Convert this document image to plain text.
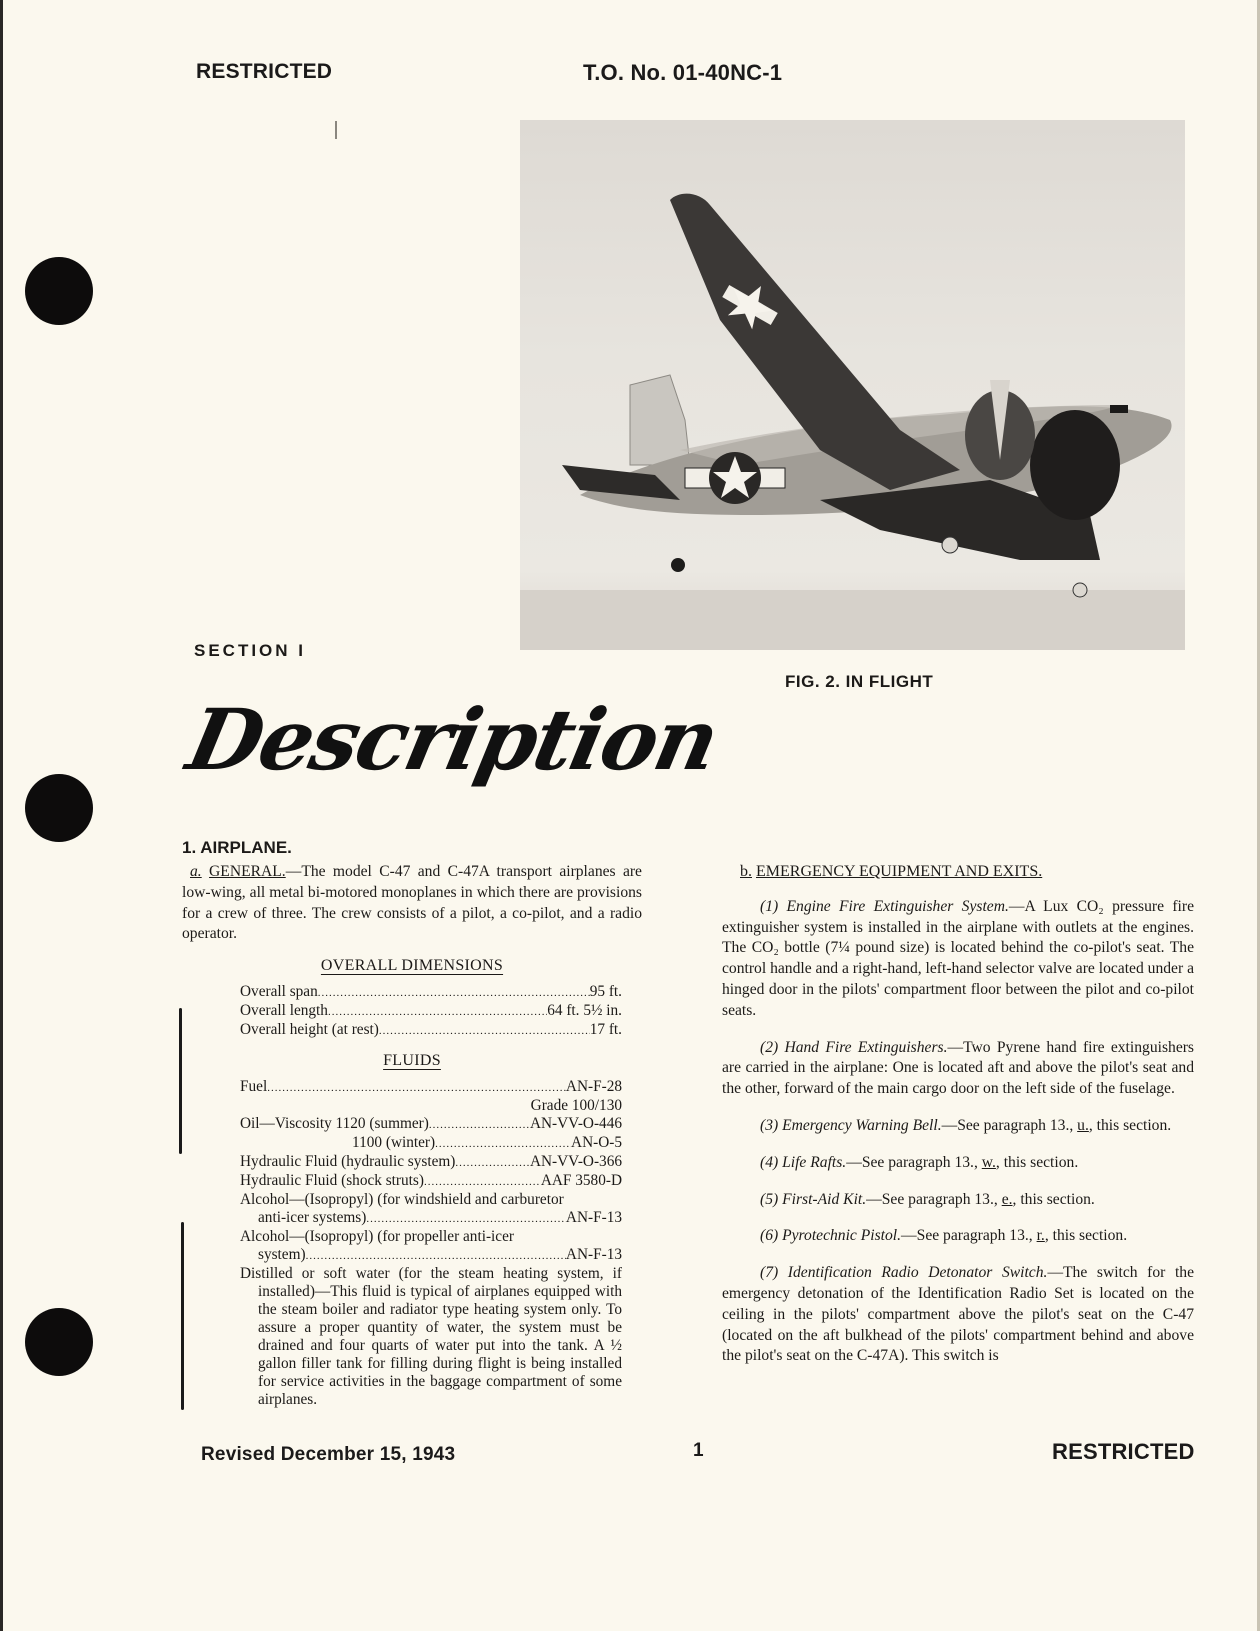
RESTRICTED	T.O. No. 01-40NC-1
FIG. 2. IN FLIGHT
SECTION I
Description
1. AIRPLANE.
a. GENERAL.—The model C-47 and C-47A transport airplanes are low-wing, all metal bi-motored monoplanes in which there are provisions for a crew of three. The crew consists of a pilot, a co-pilot, and a radio operator.
OVERALL DIMENSIONS
Overall span .....	95 ft.
Overall length .....	64 ft. 5½ in.
Overall height (at rest) .....	17 ft.
FLUIDS
Fuel .....	AN-F-28
Grade 100/130
Oil—Viscosity 1120 (summer) .....	AN-VV-O-446
1100 (winter) .....	AN-O-5
Hydraulic Fluid (hydraulic system) .....	AN-VV-O-366
Hydraulic Fluid (shock struts) .....	AAF 3580-D
Alcohol—(Isopropyl) (for windshield and carburetor
anti-icer systems) .....	AN-F-13
Alcohol—(Isopropyl) (for propeller anti-icer
system) .....	AN-F-13
Distilled or soft water (for the steam heating system, if installed)—This fluid is typical of airplanes equipped with the steam boiler and radiator type heating system only. To assure a proper quantity of water, the system must be drained and four quarts of water put into the tank. A ½ gallon filler tank for filling during flight is being installed for service activities in the baggage compartment of some airplanes.
b. EMERGENCY EQUIPMENT AND EXITS.
(1) Engine Fire Extinguisher System.—A Lux CO₂ pressure fire extinguisher system is installed in the airplane with outlets at the engines. The CO₂ bottle (7¼ pound size) is located behind the co-pilot's seat. The control handle and a right-hand, left-hand selector valve are located under a hinged door in the pilots' compartment floor between the pilot and co-pilot seats.
(2) Hand Fire Extinguishers.—Two Pyrene hand fire extinguishers are carried in the airplane: One is located aft and above the pilot's seat and the other, forward of the main cargo door on the left side of the fuselage.
(3) Emergency Warning Bell.—See paragraph 13., u., this section.
(4) Life Rafts.—See paragraph 13., w., this section.
(5) First-Aid Kit.—See paragraph 13., e., this section.
(6) Pyrotechnic Pistol.—See paragraph 13., r., this section.
(7) Identification Radio Detonator Switch.—The switch for the emergency detonation of the Identification Radio Set is located on the ceiling in the pilots' compartment above the pilot's seat on the C-47 (located on the aft bulkhead of the pilots' compartment behind and above the pilot's seat on the C-47A). This switch is
Revised December 15, 1943	1	RESTRICTED
